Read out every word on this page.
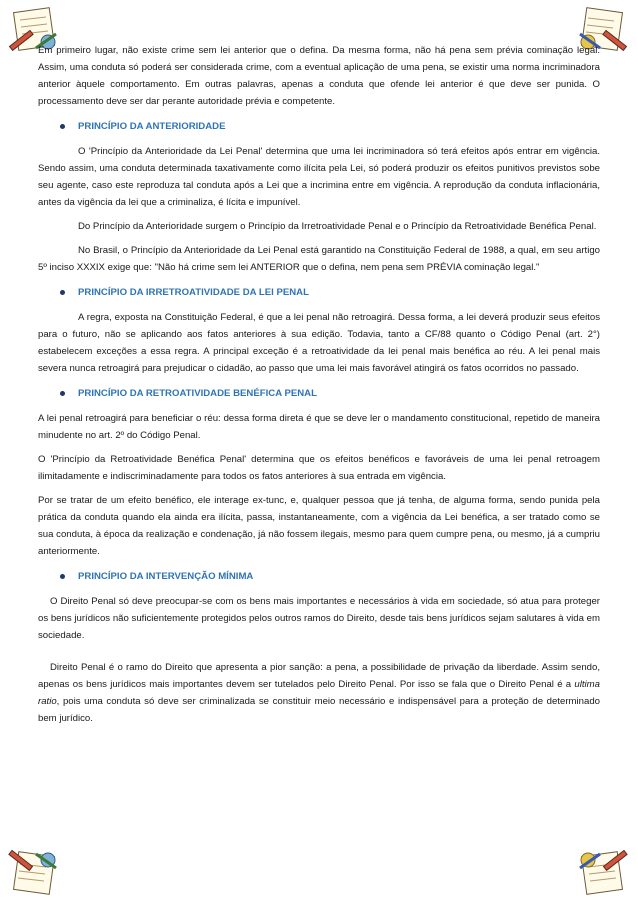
Em primeiro lugar, não existe crime sem lei anterior que o defina. Da mesma forma, não há pena sem prévia cominação legal. Assim, uma conduta só poderá ser considerada crime, com a eventual aplicação de uma pena, se existir uma norma incriminadora anterior àquele comportamento. Em outras palavras, apenas a conduta que ofende lei anterior é que deve ser punida. O processamento deve ser dar perante autoridade prévia e competente.

PRINCÍPIO DA ANTERIORIDADE

O 'Princípio da Anterioridade da Lei Penal' determina que uma lei incriminadora só terá efeitos após entrar em vigência. Sendo assim, uma conduta determinada taxativamente como ilícita pela Lei, só poderá produzir os efeitos punitivos previstos sobe seu agente, caso este reproduza tal conduta após a Lei que a incrimina entre em vigência. A reprodução da conduta inflacionária, antes da vigência da lei que a criminaliza, é lícita e impunível.

Do Princípio da Anterioridade surgem o Princípio da Irretroatividade Penal e o Princípio da Retroatividade Benéfica Penal.

No Brasil, o Princípio da Anterioridade da Lei Penal está garantido na Constituição Federal de 1988, a qual, em seu artigo 5º inciso XXXIX exige que: "Não há crime sem lei ANTERIOR que o defina, nem pena sem PRÉVIA cominação legal."

PRINCÍPIO DA IRRETROATIVIDADE DA LEI PENAL

A regra, exposta na Constituição Federal, é que a lei penal não retroagirá. Dessa forma, a lei deverá produzir seus efeitos para o futuro, não se aplicando aos fatos anteriores à sua edição. Todavia, tanto a CF/88 quanto o Código Penal (art. 2°) estabelecem exceções a essa regra. A principal exceção é a retroatividade da lei penal mais benéfica ao réu. A lei penal mais severa nunca retroagirá para prejudicar o cidadão, ao passo que uma lei mais favorável atingirá os fatos ocorridos no passado.

PRINCÍPIO DA RETROATIVIDADE BENÉFICA PENAL

A lei penal retroagirá para beneficiar o réu: dessa forma direta é que se deve ler o mandamento constitucional, repetido de maneira minudente no art. 2º do Código Penal.

O 'Princípio da Retroatividade Benéfica Penal' determina que os efeitos benéficos e favoráveis de uma lei penal retroagem ilimitadamente e indiscriminadamente para todos os fatos anteriores à sua entrada em vigência.

Por se tratar de um efeito benéfico, ele interage ex-tunc, e, qualquer pessoa que já tenha, de alguma forma, sendo punida pela prática da conduta quando ela ainda era ilícita, passa, instantaneamente, com a vigência da Lei benéfica, a ser tratado como se sua conduta, à época da realização e condenação, já não fossem ilegais, mesmo para quem cumpre pena, ou mesmo, já a cumpriu anteriormente.

PRINCÍPIO DA INTERVENÇÃO MÍNIMA

O Direito Penal só deve preocupar-se com os bens mais importantes e necessários à vida em sociedade, só atua para proteger os bens jurídicos não suficientemente protegidos pelos outros ramos do Direito, desde tais bens jurídicos sejam salutares à vida em sociedade.

Direito Penal é o ramo do Direito que apresenta a pior sanção: a pena, a possibilidade de privação da liberdade. Assim sendo, apenas os bens jurídicos mais importantes devem ser tutelados pelo Direito Penal. Por isso se fala que o Direito Penal é a ultima ratio, pois uma conduta só deve ser criminalizada se constituir meio necessário e indispensável para a proteção de determinado bem jurídico.
